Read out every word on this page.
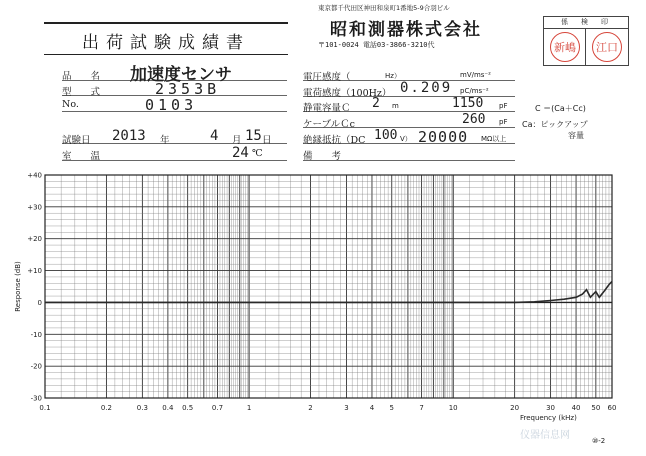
出荷試験成績書
東京都千代田区神田和泉町1番地5-9合羽ビル
昭和測器株式会社
〒101-0024 電話03-3866-3210代
係　検　印
新嶋	江口
品　　名 加速度センサ
型　　式	2353B
No.	0103
試験日 2013 年	4 月 15 日
室　　温	24 ℃
電圧感度（	Hz）	mV/ms⁻²
電荷感度（100Hz） 0.209 pC/ms⁻²
静電容量Ｃ 2 m	1150 pF
ケーブルＣc	260 pF
絶縁抵抗（DC 100 V） 20000 MΩ以上
備　　考
C ＝(Ca＋Cc)
Ca：ピックアップ
容量
0.1	0.2	0.3 0.4 0.5	0.7	1	2	3	4 5	7	10	20	30 40 50 60
+40
+30
+20
+10
0
-10
-20
-30
Response (dB)
Frequency (kHz)
⑩-2
仪器信息网
